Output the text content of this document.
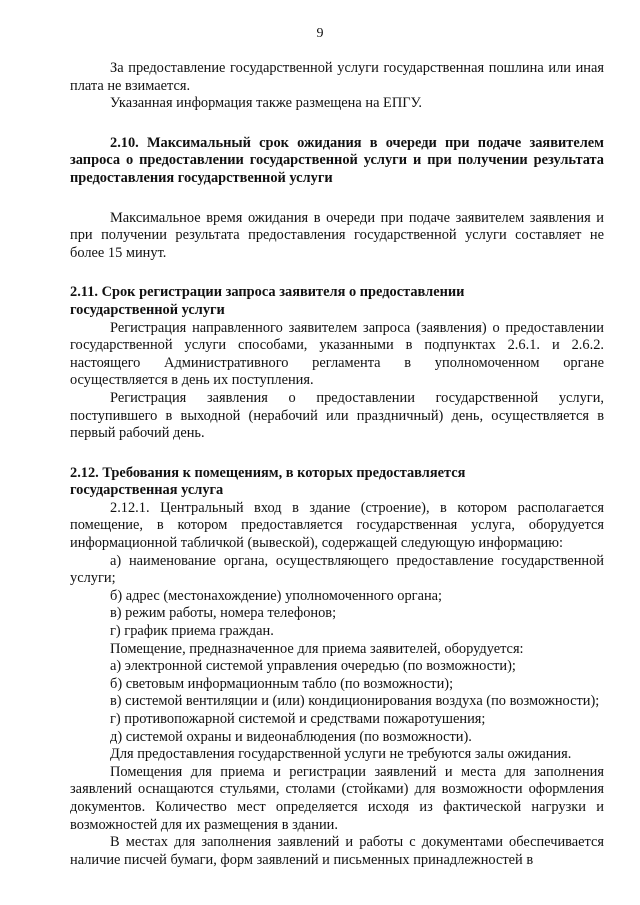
9

За предоставление государственной услуги государственная пошлина или иная плата не взимается.

Указанная информация также размещена на ЕПГУ.

2.10. Максимальный срок ожидания в очереди при подаче заявителем запроса о предоставлении государственной услуги и при получении результата предоставления государственной услуги

Максимальное время ожидания в очереди при подаче заявителем заявления и при получении результата предоставления государственной услуги составляет не более 15 минут.

2.11. Срок регистрации запроса заявителя о предоставлении

государственной услуги

Регистрация направленного заявителем запроса (заявления) о предоставлении государственной услуги способами, указанными в подпунктах 2.6.1. и 2.6.2. настоящего Административного регламента в уполномоченном органе осуществляется в день их поступления.

Регистрация заявления о предоставлении государственной услуги, поступившего в выходной (нерабочий или праздничный) день, осуществляется в первый рабочий день.

2.12. Требования к помещениям, в которых предоставляется

государственная услуга

2.12.1. Центральный вход в здание (строение), в котором располагается помещение, в котором предоставляется государственная услуга, оборудуется информационной табличкой (вывеской), содержащей следующую информацию:

а) наименование органа, осуществляющего предоставление государственной услуги;

б) адрес (местонахождение) уполномоченного органа;

в) режим работы, номера телефонов;

г) график приема граждан.

Помещение, предназначенное для приема заявителей, оборудуется:

а) электронной системой управления очередью (по возможности);

б) световым информационным табло (по возможности);

в) системой вентиляции и (или) кондиционирования воздуха (по возможности);

г) противопожарной системой и средствами пожаротушения;

д) системой охраны и видеонаблюдения (по возможности).

Для предоставления государственной услуги не требуются залы ожидания.

Помещения для приема и регистрации заявлений и места для заполнения заявлений оснащаются стульями, столами (стойками) для возможности оформления документов. Количество мест определяется исходя из фактической нагрузки и возможностей для их размещения в здании.

В местах для заполнения заявлений и работы с документами обеспечивается наличие писчей бумаги, форм заявлений и письменных принадлежностей в
